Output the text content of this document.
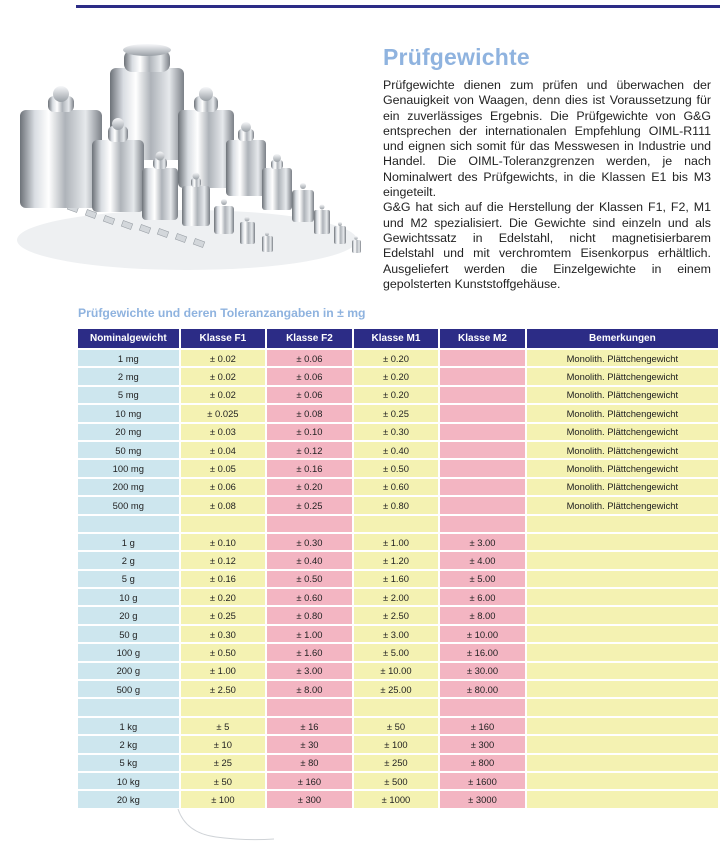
Prüfgewichte

Prüfgewichte dienen zum prüfen und überwachen der Genauigkeit von Waagen, denn dies ist Voraussetzung für ein zuverlässiges Ergebnis. Die Prüfgewichte von G&G entsprechen der internationalen Empfehlung OIML-R111 und eignen sich somit für das Messwesen in Industrie und Handel. Die OIML-Toleranzgrenzen werden, je nach Nominalwert des Prüfgewichts, in die Klassen E1 bis M3 eingeteilt.

G&G hat sich auf die Herstellung der Klassen F1, F2, M1 und M2 spezialisiert. Die Gewichte sind einzeln und als Gewichtssatz in Edelstahl, nicht magnetisierbarem Edelstahl und mit verchromtem Eisenkorpus erhältlich. Ausgeliefert werden die Einzelgewichte in einem gepolsterten Kunststoffgehäuse.

Prüfgewichte und deren Toleranzangaben in ± mg
Nominalgewicht	Klasse F1	Klasse F2	Klasse M1	Klasse M2	Bemerkungen
1 mg	± 0.02	± 0.06	± 0.20		Monolith. Plättchengewicht
2 mg	± 0.02	± 0.06	± 0.20		Monolith. Plättchengewicht
5 mg	± 0.02	± 0.06	± 0.20		Monolith. Plättchengewicht
10 mg	± 0.025	± 0.08	± 0.25		Monolith. Plättchengewicht
20 mg	± 0.03	± 0.10	± 0.30		Monolith. Plättchengewicht
50 mg	± 0.04	± 0.12	± 0.40		Monolith. Plättchengewicht
100 mg	± 0.05	± 0.16	± 0.50		Monolith. Plättchengewicht
200 mg	± 0.06	± 0.20	± 0.60		Monolith. Plättchengewicht
500 mg	± 0.08	± 0.25	± 0.80		Monolith. Plättchengewicht

1 g	± 0.10	± 0.30	± 1.00	± 3.00	
2 g	± 0.12	± 0.40	± 1.20	± 4.00	
5 g	± 0.16	± 0.50	± 1.60	± 5.00	
10 g	± 0.20	± 0.60	± 2.00	± 6.00	
20 g	± 0.25	± 0.80	± 2.50	± 8.00	
50 g	± 0.30	± 1.00	± 3.00	± 10.00	
100 g	± 0.50	± 1.60	± 5.00	± 16.00	
200 g	± 1.00	± 3.00	± 10.00	± 30.00	
500 g	± 2.50	± 8.00	± 25.00	± 80.00	

1 kg	± 5	± 16	± 50	± 160	
2 kg	± 10	± 30	± 100	± 300	
5 kg	± 25	± 80	± 250	± 800	
10 kg	± 50	± 160	± 500	± 1600	
20 kg	± 100	± 300	± 1000	± 3000	
